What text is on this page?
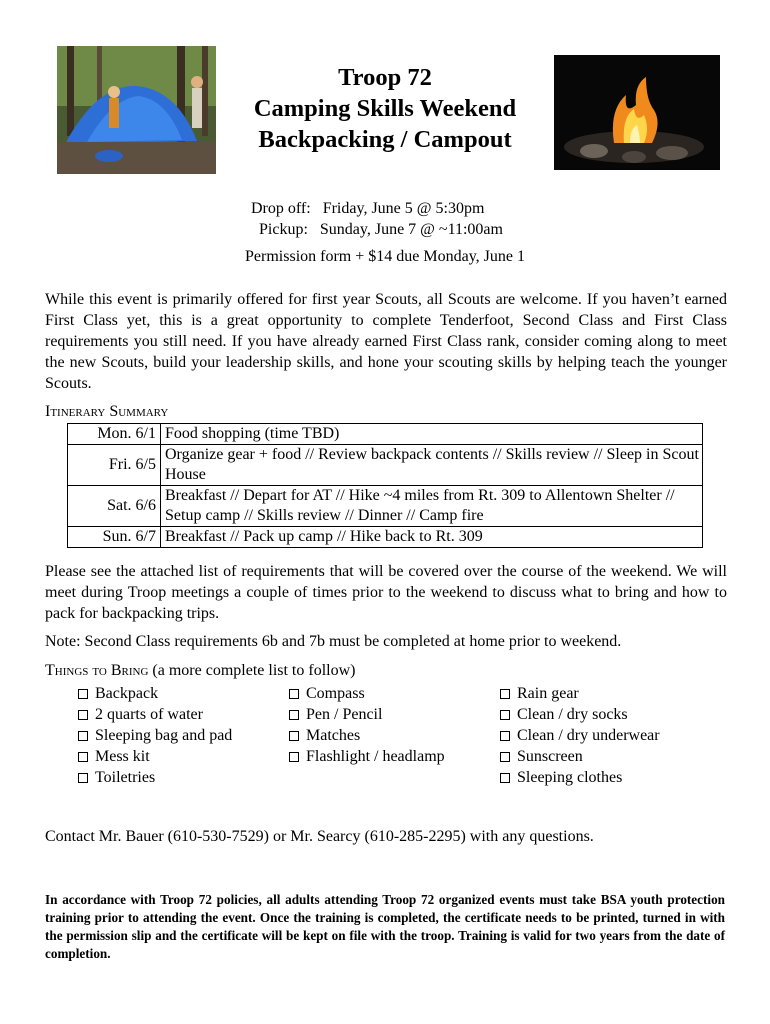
Troop 72
Camping Skills Weekend
Backpacking / Campout
Drop off: Friday, June 5 @ 5:30pm
Pickup: Sunday, June 7 @ ~11:00am
Permission form + $14 due Monday, June 1
While this event is primarily offered for first year Scouts, all Scouts are welcome. If you haven’t earned First Class yet, this is a great opportunity to complete Tenderfoot, Second Class and First Class requirements you still need. If you have already earned First Class rank, consider coming along to meet the new Scouts, build your leadership skills, and hone your scouting skills by helping teach the younger Scouts.
Itinerary Summary
Mon. 6/1	Food shopping (time TBD)
Fri. 6/5	Organize gear + food // Review backpack contents // Skills review // Sleep in Scout House
Sat. 6/6	Breakfast // Depart for AT // Hike ~4 miles from Rt. 309 to Allentown Shelter // Setup camp // Skills review // Dinner // Camp fire
Sun. 6/7	Breakfast // Pack up camp // Hike back to Rt. 309
Please see the attached list of requirements that will be covered over the course of the weekend. We will meet during Troop meetings a couple of times prior to the weekend to discuss what to bring and how to pack for backpacking trips.
Note: Second Class requirements 6b and 7b must be completed at home prior to weekend.
Things to Bring (a more complete list to follow)
Backpack
2 quarts of water
Sleeping bag and pad
Mess kit
Toiletries
Compass
Pen / Pencil
Matches
Flashlight / headlamp
Rain gear
Clean / dry socks
Clean / dry underwear
Sunscreen
Sleeping clothes
Contact Mr. Bauer (610-530-7529) or Mr. Searcy (610-285-2295) with any questions.
In accordance with Troop 72 policies, all adults attending Troop 72 organized events must take BSA youth protection training prior to attending the event. Once the training is completed, the certificate needs to be printed, turned in with the permission slip and the certificate will be kept on file with the troop. Training is valid for two years from the date of completion.
